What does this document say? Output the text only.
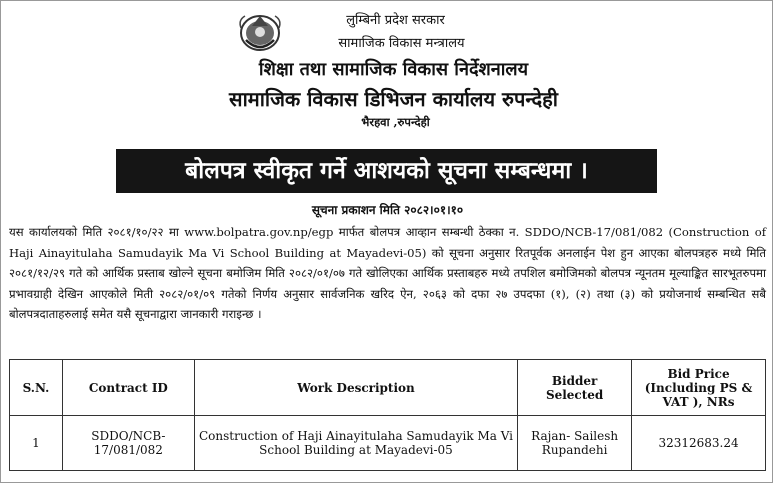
लुम्बिनी प्रदेश सरकार
सामाजिक विकास मन्त्रालय
शिक्षा तथा सामाजिक विकास निर्देशनालय
सामाजिक विकास डिभिजन कार्यालय रुपन्देही
भैरहवा ,रुपन्देही
बोलपत्र स्वीकृत गर्ने आशयको सूचना सम्बन्धमा ।
सूचना प्रकाशन मिति २०८२।०१।१०

यस कार्यालयको मिति २०८१/१०/२२ मा www.bolpatra.gov.np/egp मार्फत बोलपत्र आव्हान सम्बन्धी ठेक्का न. SDDO/NCB-17/081/082 (Construction of Haji Ainayitulaha Samudayik Ma Vi School Building at Mayadevi-05) को सूचना अनुसार रितपूर्वक अनलाईन पेश हुन आएका बोलपत्रहरु मध्ये मिति २०८१/१२/२९ गते को आर्थिक प्रस्ताब खोल्ने सूचना बमोजिम मिति २०८२/०१/०७ गते खोलिएका आर्थिक प्रस्ताबहरु मध्ये तपशिल बमोजिमको बोलपत्र न्यूनतम मूल्याङ्कित सारभूतरुपमा प्रभावग्राही देखिन आएकोले मिती २०८२/०१/०९ गतेको निर्णय अनुसार सार्वजनिक खरिद ऐन, २०६३ को दफा २७ उपदफा (१), (२) तथा (३) को प्रयोजनार्थ सम्बन्धित सबै बोलपत्रदाताहरुलाई समेत यसै सूचनाद्वारा जानकारी गराइन्छ ।

S.N.	Contract ID	Work Description	Bidder Selected	Bid Price (Including PS & VAT ), NRs
1	SDDO/NCB-17/081/082	Construction of Haji Ainayitulaha Samudayik Ma Vi School Building at Mayadevi-05	Rajan- Sailesh Rupandehi	32312683.24
